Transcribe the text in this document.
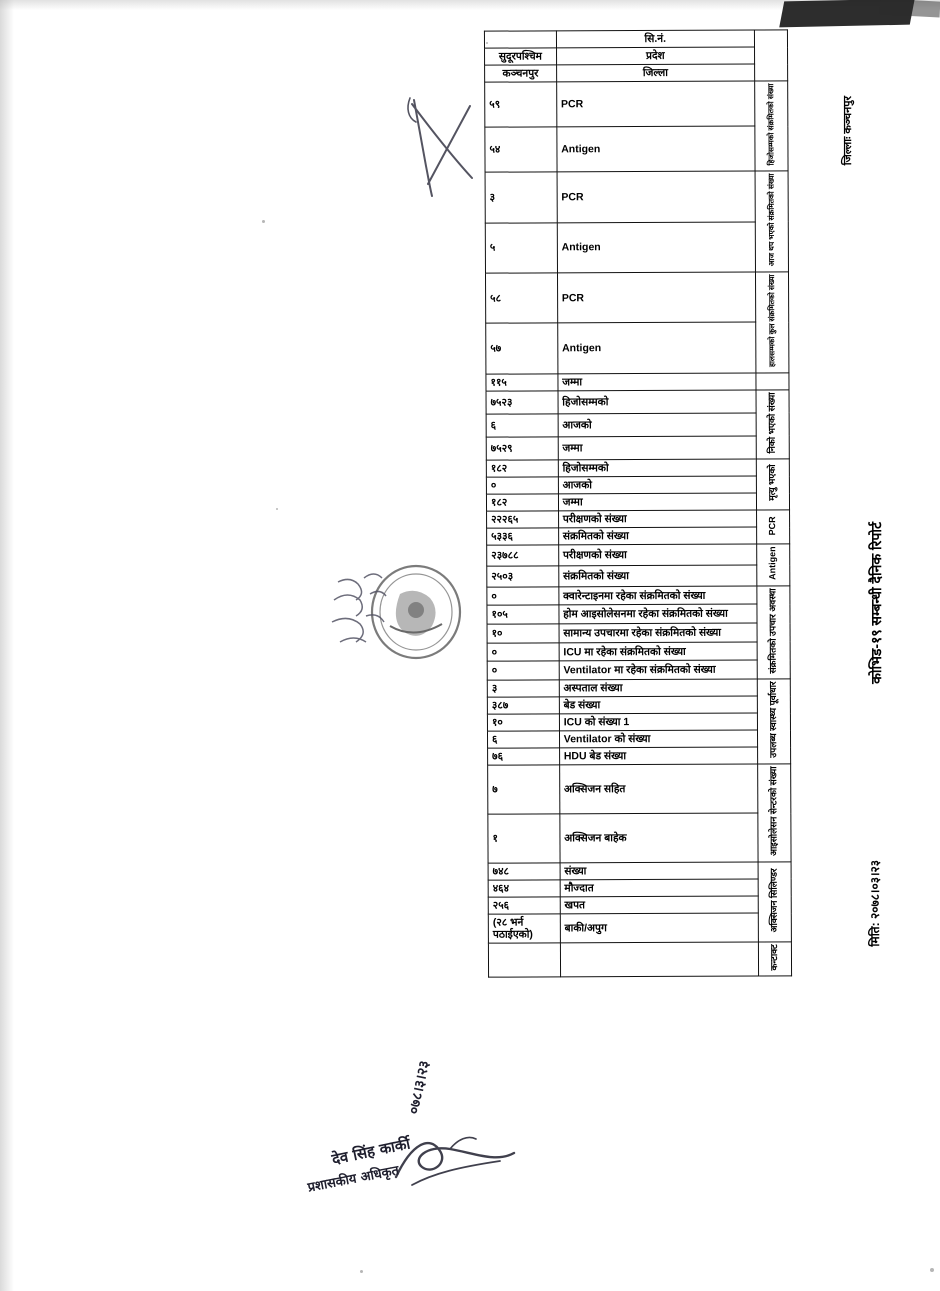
	सि.नं.	
सुदूरपश्चिम	प्रदेश	
कञ्चनपुर	जिल्ला	
५९	PCR	हिजोसम्मको संक्रमितको संख्या
५४	Antigen	
३	PCR	आज थप भएको संक्रमितको संख्या
५	Antigen	
५८	PCR	हालसम्मको कुल संक्रमितको संख्या
५७	Antigen	
११५	जम्मा	
७५२३	हिजोसम्मको	निको भएको संख्या
६	आजको	
७५२९	जम्मा	
१८२	हिजोसम्मको	मृत्यु भएको
०	आजको	
१८२	जम्मा	
२२२६५	परीक्षणको संख्या	PCR
५३३६	संक्रमितको संख्या	
२३७८८	परीक्षणको संख्या	Antigen
२५०३	संक्रमितको संख्या	
०	क्वारेन्टाइनमा रहेका संक्रमितको संख्या	संक्रमितको उपचार अवस्था
१०५	होम आइसोलेसनमा रहेका संक्रमितको संख्या	
१०	सामान्य उपचारमा रहेका संक्रमितको संख्या	
०	ICU मा रहेका संक्रमितको संख्या	
०	Ventilator मा रहेका संक्रमितको संख्या	
३	अस्पताल संख्या	उपलब्ध स्वास्थ्य पूर्वाधार
३८७	बेड संख्या	
१०	ICU को संख्या 1	
६	Ventilator को संख्या	
७६	HDU बेड संख्या	
७	अक्सिजन सहित	आइसोलेसन सेन्टरको संख्या
१	अक्सिजन बाहेक	
७४८	संख्या	अक्सिजन सिलिण्डर
४६४	मौज्दात	
२५६	खपत	
(२८ भर्न पठाईएको)	बाकी/अपुग	
		कन्टाक्ट
जिल्लाः कञ्चनपुर
कोभिड-१९ सम्बन्धी दैनिक रिपोर्ट
मिति: २०७८।०३।२३
०७८।३।२३
देव सिंह कार्की
प्रशासकीय अधिकृत
